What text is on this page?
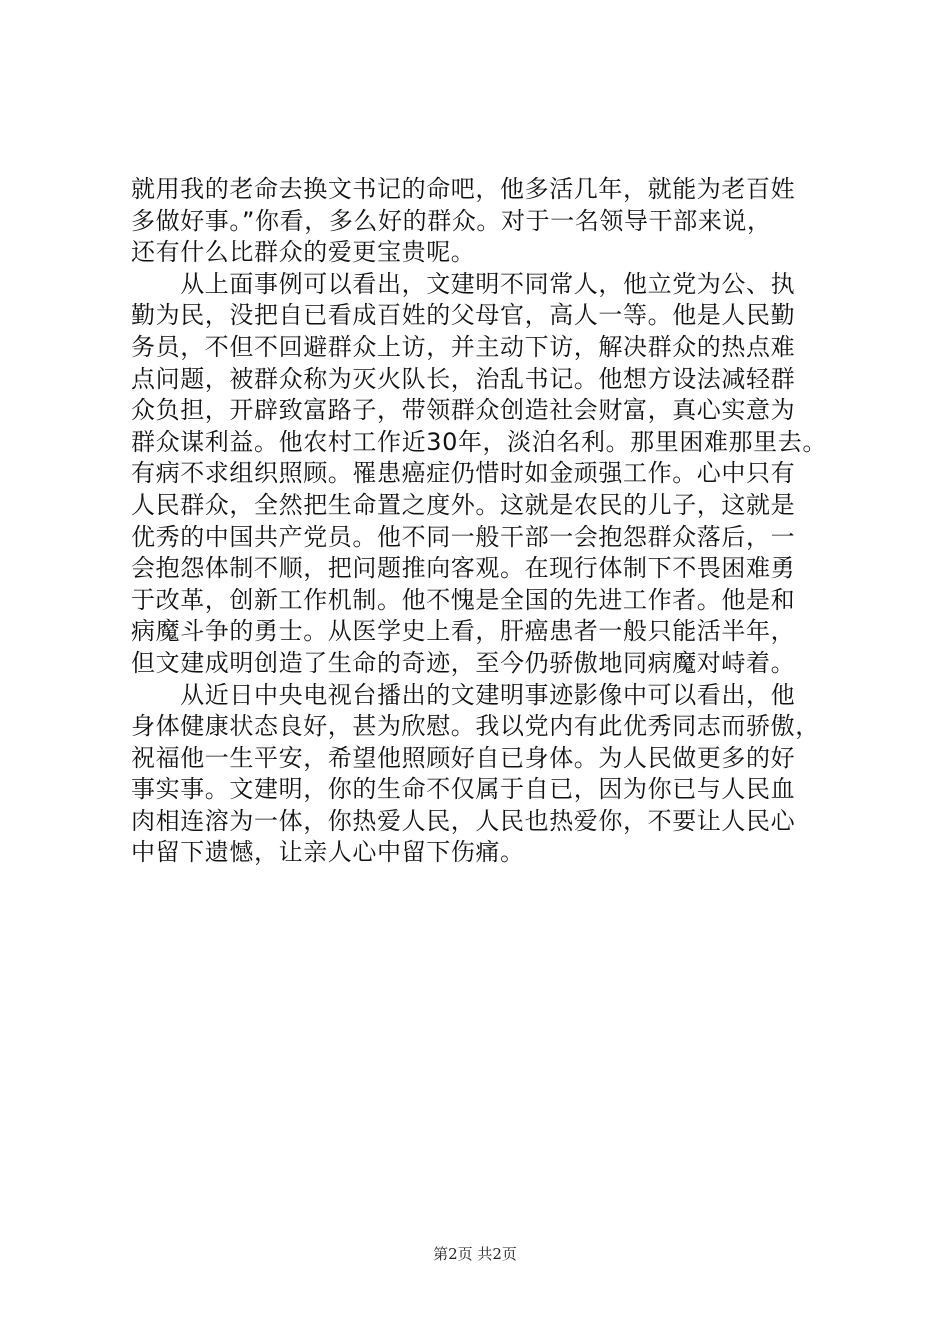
就用我的老命去换文书记的命吧，他多活几年，就能为老百姓
多做好事。”你看，多么好的群众。对于一名领导干部来说，
还有什么比群众的爱更宝贵呢。
　　从上面事例可以看出，文建明不同常人，他立党为公、执
勤为民，没把自已看成百姓的父母官，高人一等。他是人民勤
务员，不但不回避群众上访，并主动下访，解决群众的热点难
点问题，被群众称为灭火队长，治乱书记。他想方设法减轻群
众负担，开辟致富路子，带领群众创造社会财富，真心实意为
群众谋利益。他农村工作近30年，淡泊名利。那里困难那里去。
有病不求组织照顾。罹患癌症仍惜时如金顽强工作。心中只有
人民群众，全然把生命置之度外。这就是农民的儿子，这就是
优秀的中国共产党员。他不同一般干部一会抱怨群众落后，一
会抱怨体制不顺，把问题推向客观。在现行体制下不畏困难勇
于改革，创新工作机制。他不愧是全国的先进工作者。他是和
病魔斗争的勇士。从医学史上看，肝癌患者一般只能活半年，
但文建成明创造了生命的奇迹，至今仍骄傲地同病魔对峙着。
　　从近日中央电视台播出的文建明事迹影像中可以看出，他
身体健康状态良好，甚为欣慰。我以党内有此优秀同志而骄傲，
祝福他一生平安，希望他照顾好自已身体。为人民做更多的好
事实事。文建明，你的生命不仅属于自已，因为你已与人民血
肉相连溶为一体，你热爱人民，人民也热爱你，不要让人民心
中留下遗憾，让亲人心中留下伤痛。
第2页 共2页
